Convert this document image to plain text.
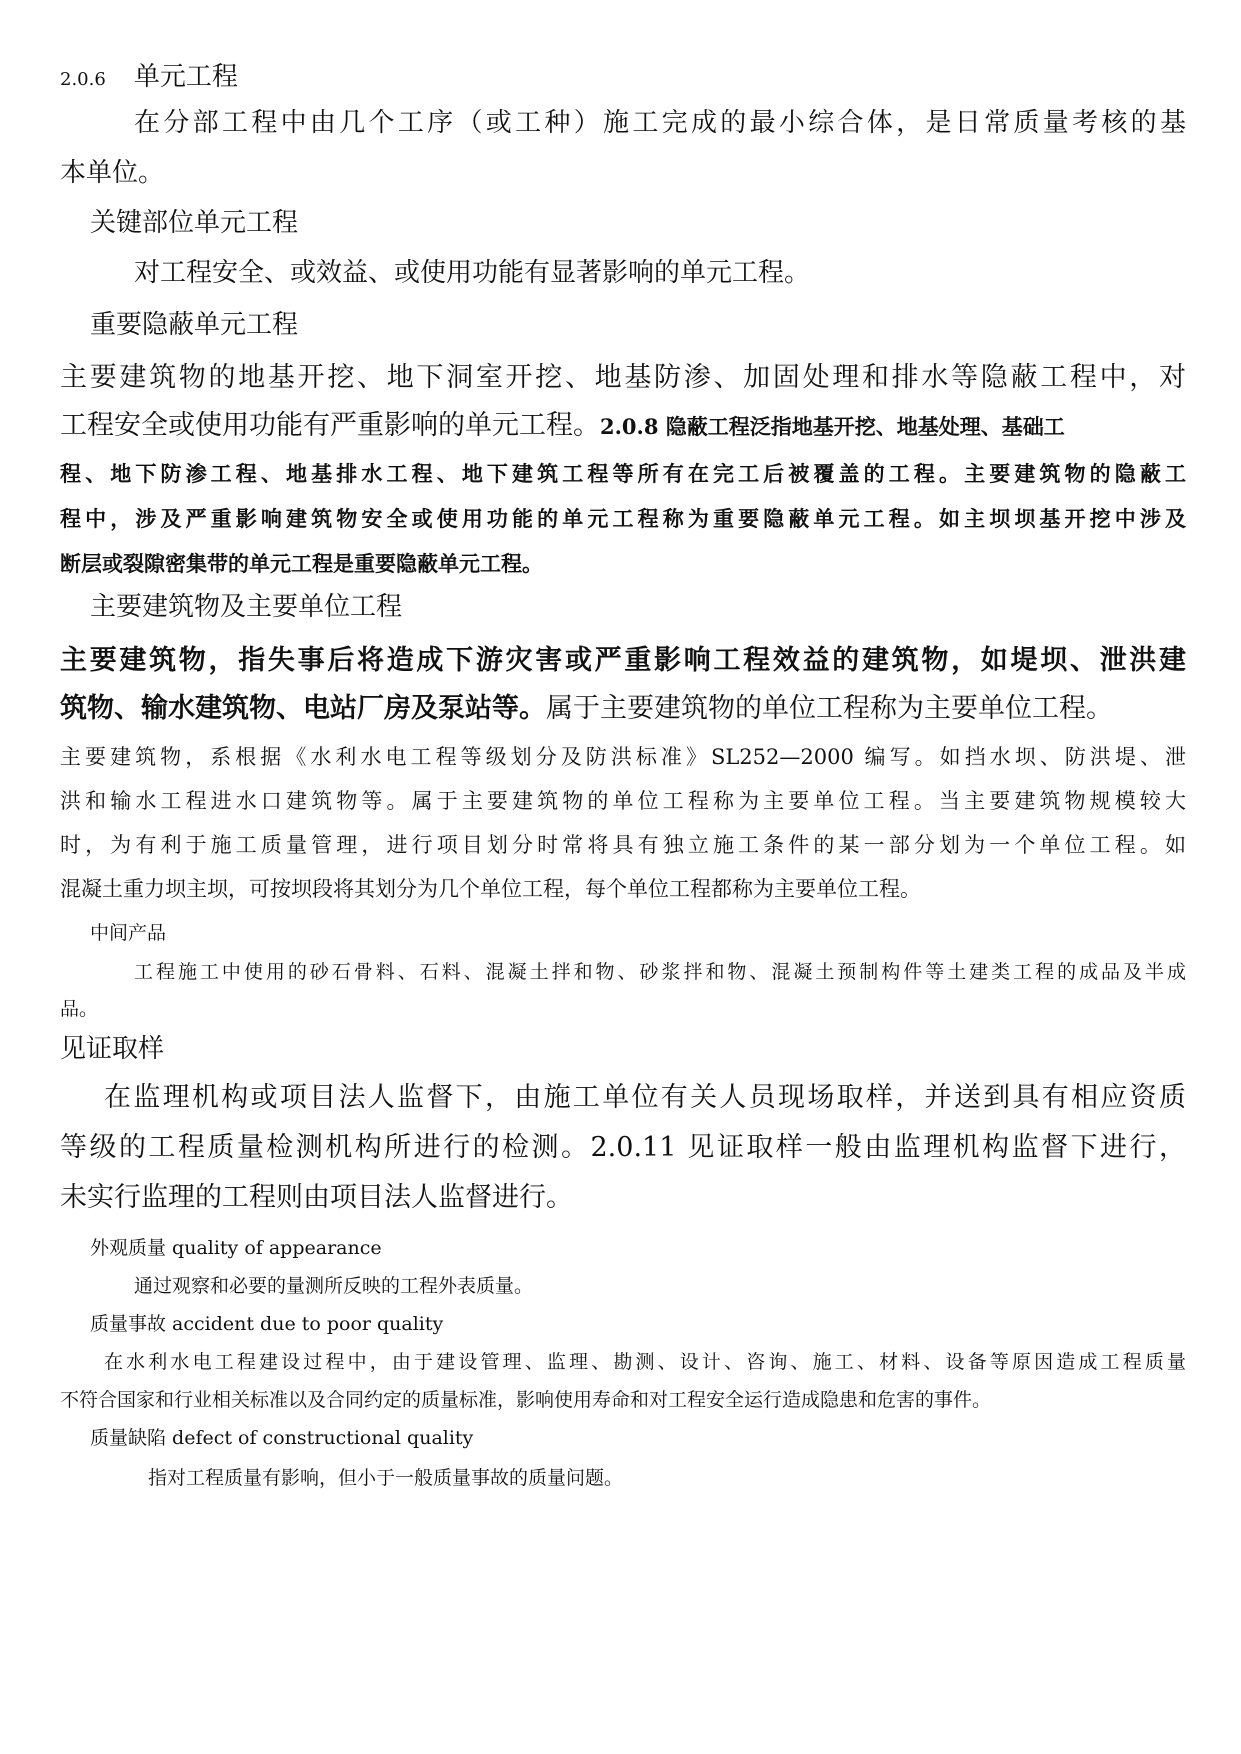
2.0.6 单元工程

在分部工程中由几个工序（或工种）施工完成的最小综合体，是日常质量考核的基

本单位。

关键部位单元工程

对工程安全、或效益、或使用功能有显著影响的单元工程。

重要隐蔽单元工程

主要建筑物的地基开挖、地下洞室开挖、地基防渗、加固处理和排水等隐蔽工程中，对

工程安全或使用功能有严重影响的单元工程。2.0.8 隐蔽工程泛指地基开挖、地基处理、基础工

程、地下防渗工程、地基排水工程、地下建筑工程等所有在完工后被覆盖的工程。主要建筑物的隐蔽工

程中，涉及严重影响建筑物安全或使用功能的单元工程称为重要隐蔽单元工程。如主坝坝基开挖中涉及

断层或裂隙密集带的单元工程是重要隐蔽单元工程。

主要建筑物及主要单位工程

主要建筑物，指失事后将造成下游灾害或严重影响工程效益的建筑物，如堤坝、泄洪建

筑物、输水建筑物、电站厂房及泵站等。属于主要建筑物的单位工程称为主要单位工程。

主要建筑物，系根据《水利水电工程等级划分及防洪标准》SL252—2000 编写。如挡水坝、防洪堤、泄

洪和输水工程进水口建筑物等。属于主要建筑物的单位工程称为主要单位工程。当主要建筑物规模较大

时，为有利于施工质量管理，进行项目划分时常将具有独立施工条件的某一部分划为一个单位工程。如

混凝土重力坝主坝，可按坝段将其划分为几个单位工程，每个单位工程都称为主要单位工程。

中间产品

工程施工中使用的砂石骨料、石料、混凝土拌和物、砂浆拌和物、混凝土预制构件等土建类工程的成品及半成

品。

见证取样

在监理机构或项目法人监督下，由施工单位有关人员现场取样，并送到具有相应资质

等级的工程质量检测机构所进行的检测。2.0.11 见证取样一般由监理机构监督下进行，

未实行监理的工程则由项目法人监督进行。

外观质量 quality of appearance

通过观察和必要的量测所反映的工程外表质量。

质量事故 accident due to poor quality

在水利水电工程建设过程中，由于建设管理、监理、勘测、设计、咨询、施工、材料、设备等原因造成工程质量

不符合国家和行业相关标准以及合同约定的质量标准，影响使用寿命和对工程安全运行造成隐患和危害的事件。

质量缺陷 defect of constructional quality

指对工程质量有影响，但小于一般质量事故的质量问题。
